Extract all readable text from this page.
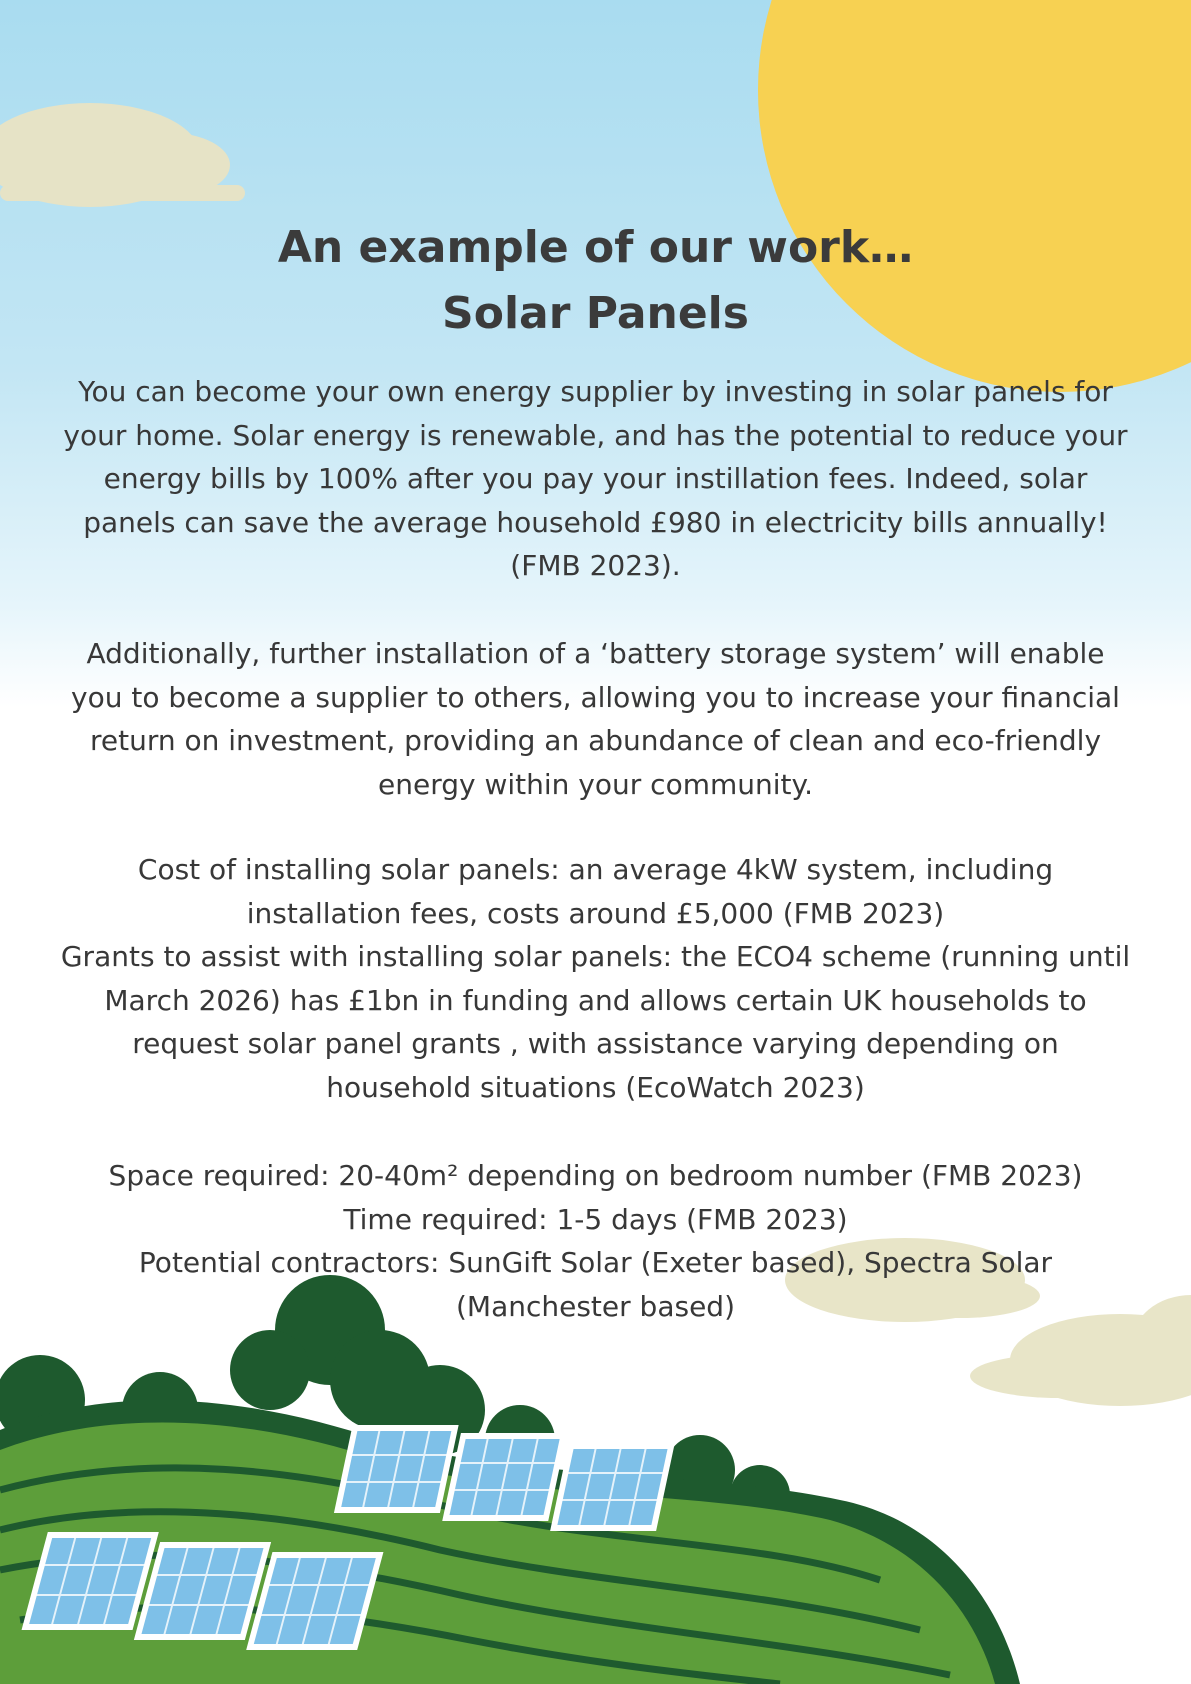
An example of our work…
Solar Panels

You can become your own energy supplier by investing in solar panels for your home. Solar energy is renewable, and has the potential to reduce your energy bills by 100% after you pay your instillation fees. Indeed, solar panels can save the average household £980 in electricity bills annually! (FMB 2023).

Additionally, further installation of a ‘battery storage system’ will enable you to become a supplier to others, allowing you to increase your financial return on investment, providing an abundance of clean and eco-friendly energy within your community.

Cost of installing solar panels: an average 4kW system, including installation fees, costs around £5,000 (FMB 2023)

Grants to assist with installing solar panels: the ECO4 scheme (running until March 2026) has £1bn in funding and allows certain UK households to request solar panel grants , with assistance varying depending on household situations (EcoWatch 2023)

Space required: 20-40m² depending on bedroom number (FMB 2023)

Time required: 1-5 days (FMB 2023)

Potential contractors: SunGift Solar (Exeter based), Spectra Solar (Manchester based)
